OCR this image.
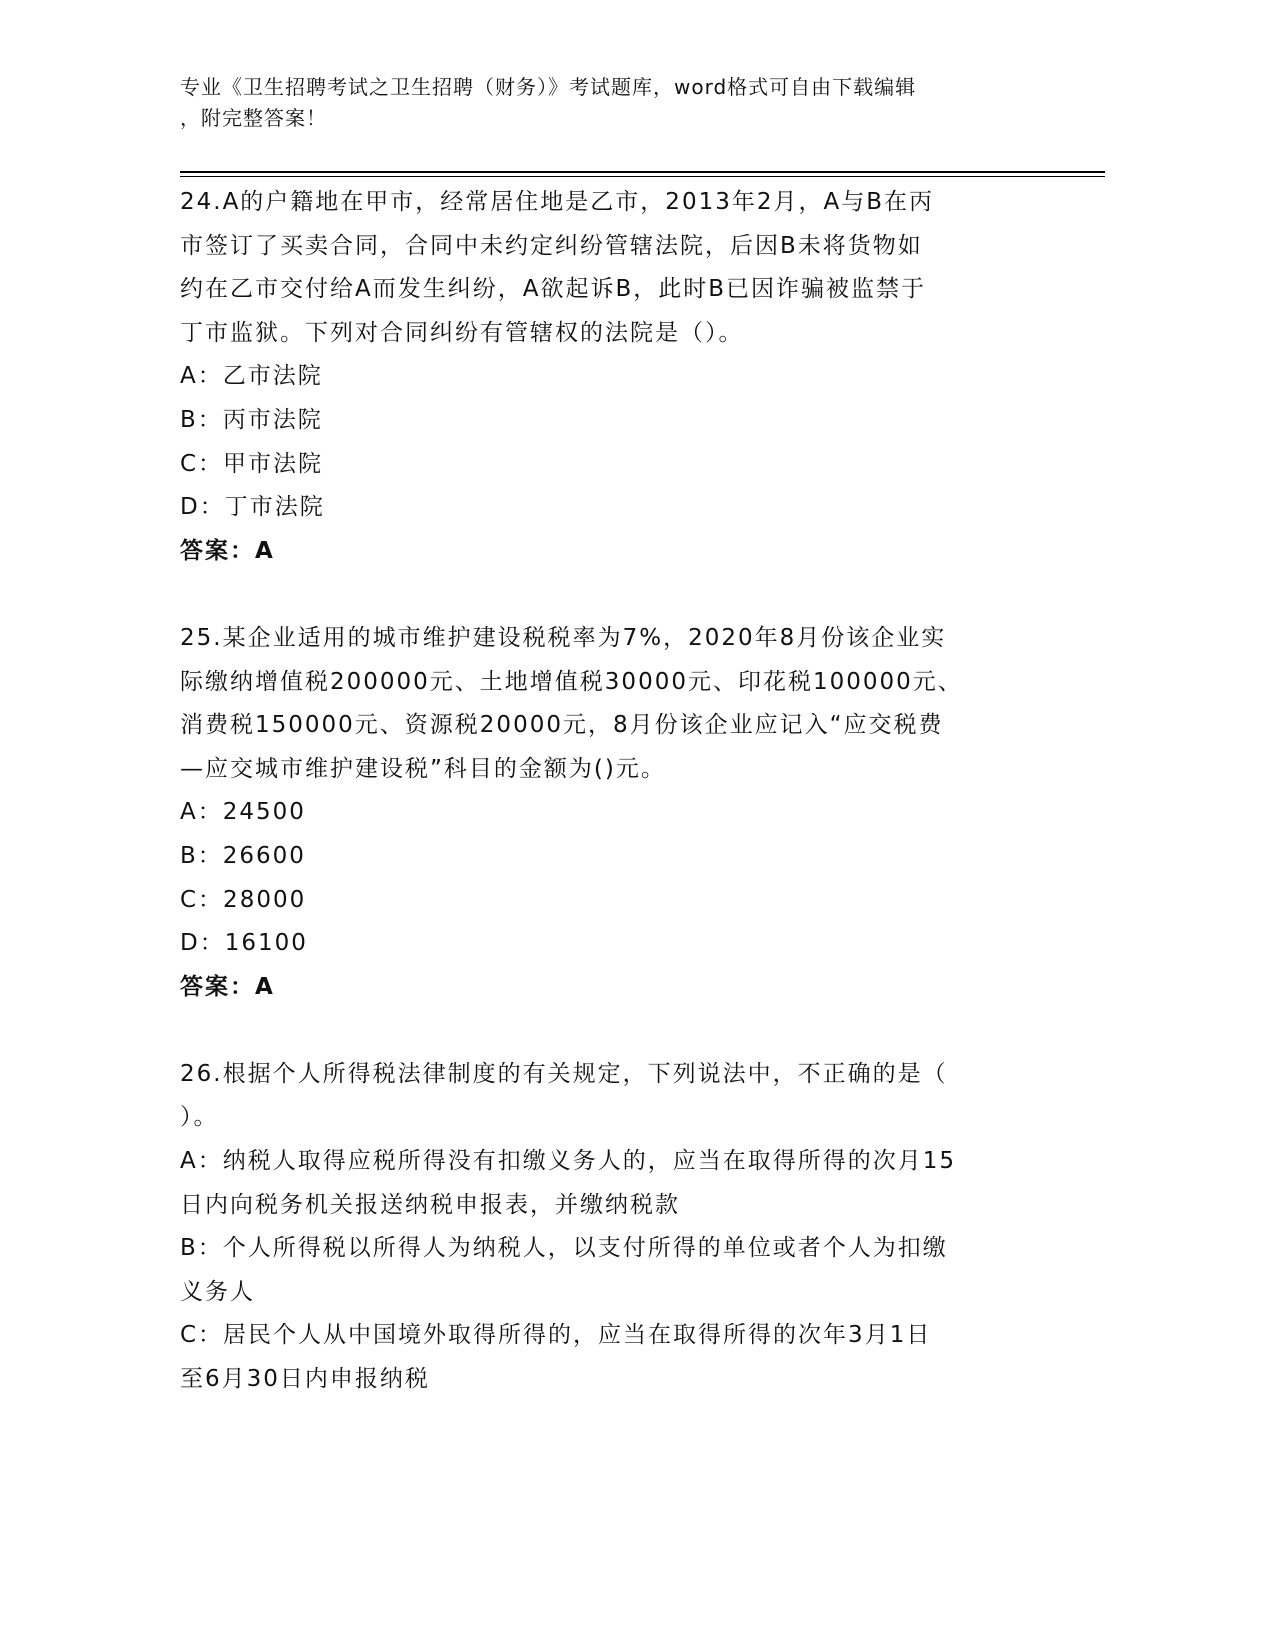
专业《卫生招聘考试之卫生招聘（财务）》考试题库，word格式可自由下载编辑
，附完整答案！
24.A的户籍地在甲市，经常居住地是乙市，2013年2月，A与B在丙
市签订了买卖合同，合同中未约定纠纷管辖法院，后因B未将货物如
约在乙市交付给A而发生纠纷，A欲起诉B，此时B已因诈骗被监禁于
丁市监狱。下列对合同纠纷有管辖权的法院是（）。
A：乙市法院
B：丙市法院
C：甲市法院
D：丁市法院
答案：A
25.某企业适用的城市维护建设税税率为7%，2020年8月份该企业实
际缴纳增值税200000元、土地增值税30000元、印花税100000元、
消费税150000元、资源税20000元，8月份该企业应记入“应交税费
—应交城市维护建设税”科目的金额为()元。
A：24500
B：26600
C：28000
D：16100
答案：A
26.根据个人所得税法律制度的有关规定，下列说法中，不正确的是（
）。
A：纳税人取得应税所得没有扣缴义务人的，应当在取得所得的次月15
日内向税务机关报送纳税申报表，并缴纳税款
B：个人所得税以所得人为纳税人，以支付所得的单位或者个人为扣缴
义务人
C：居民个人从中国境外取得所得的，应当在取得所得的次年3月1日
至6月30日内申报纳税
